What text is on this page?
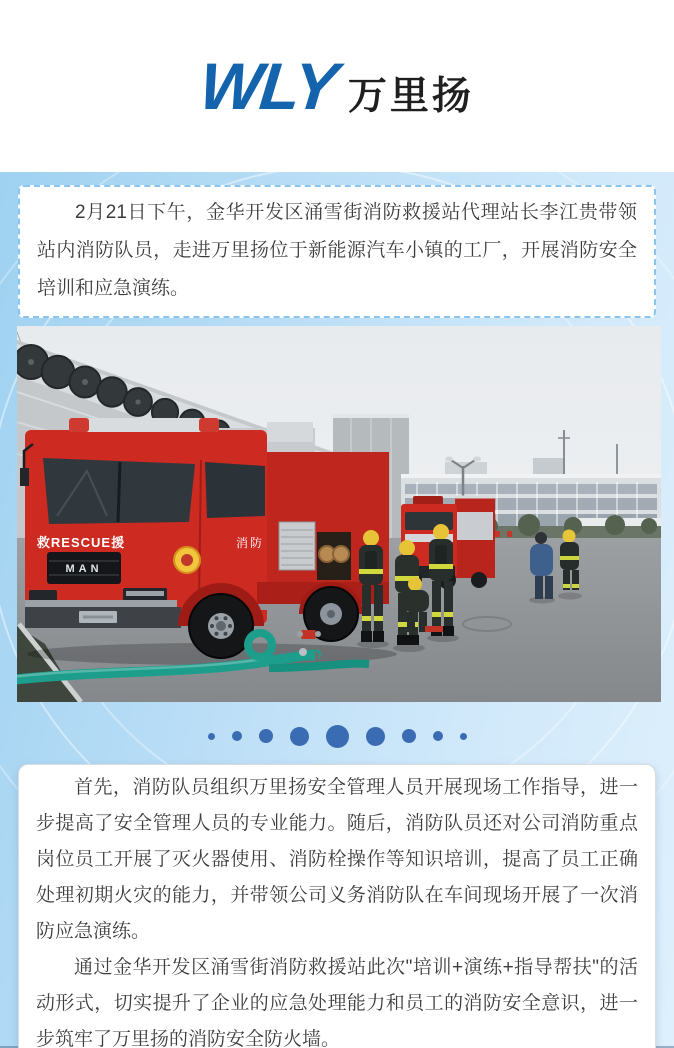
WLY 万里扬

2月21日下午，金华开发区涌雪街消防救援站代理站长李江贵带领站内消防队员，走进万里扬位于新能源汽车小镇的工厂，开展消防安全培训和应急演练。

救RESCUE援
MAN
消防

首先，消防队员组织万里扬安全管理人员开展现场工作指导，进一步提高了安全管理人员的专业能力。随后，消防队员还对公司消防重点岗位员工开展了灭火器使用、消防栓操作等知识培训，提高了员工正确处理初期火灾的能力，并带领公司义务消防队在车间现场开展了一次消防应急演练。

通过金华开发区涌雪街消防救援站此次"培训+演练+指导帮扶"的活动形式，切实提升了企业的应急处理能力和员工的消防安全意识，进一步筑牢了万里扬的消防安全防火墙。
